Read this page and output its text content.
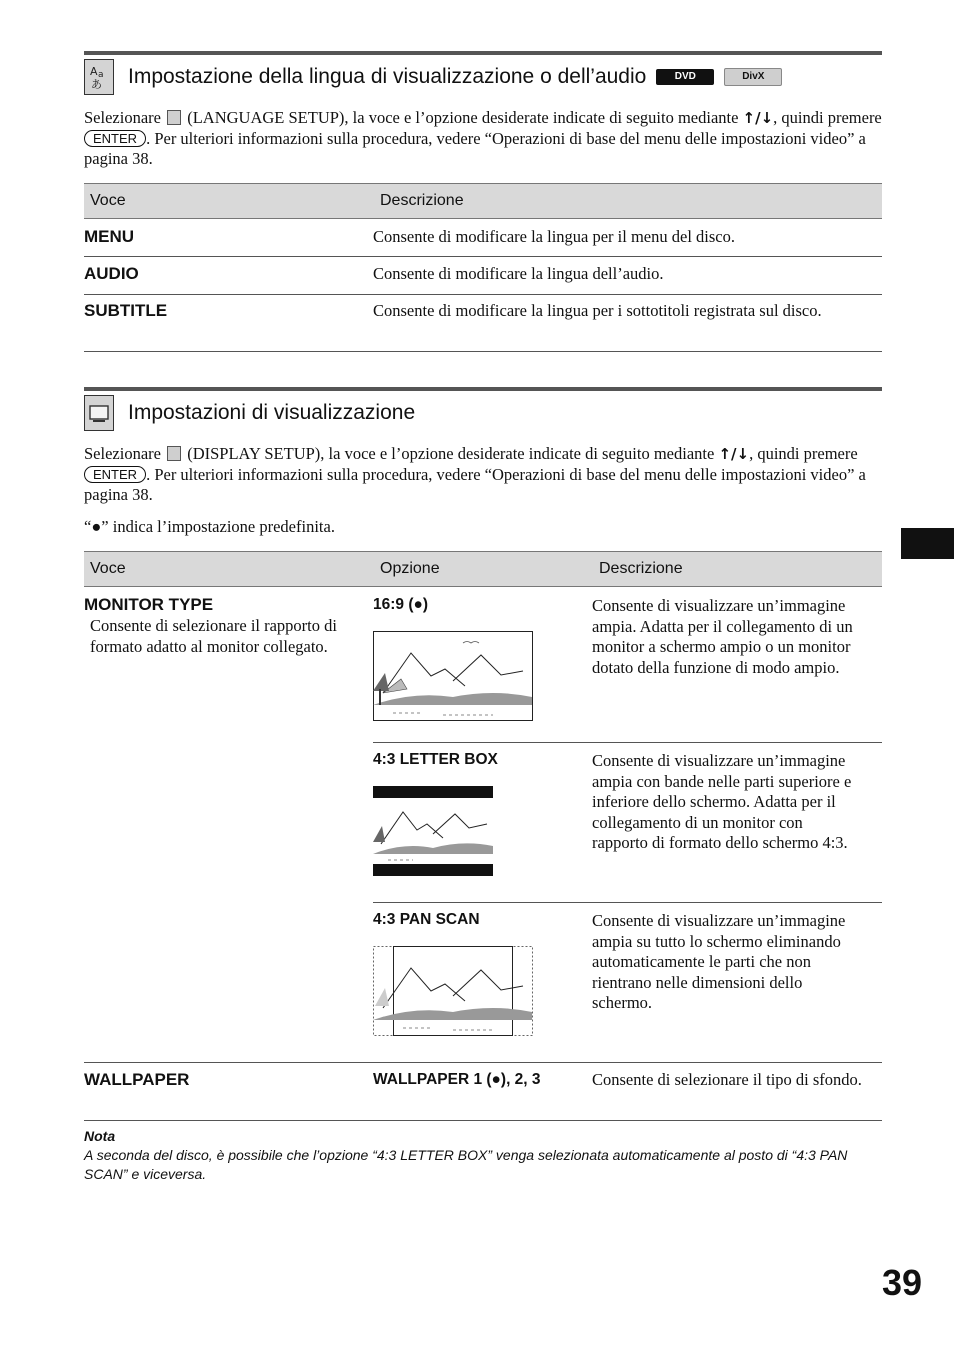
A a
あ Impostazione della lingua di visualizzazione o dell’audio	DVD	DivX
Selezionare  (LANGUAGE SETUP), la voce e l’opzione desiderate indicate di seguito mediante ↑/↓, quindi premere ENTER . Per ulteriori informazioni sulla procedura, vedere “Operazioni di base del menu delle impostazioni video” a pagina 38.
Voce	Descrizione
MENU	Consente di modificare la lingua per il menu del disco.
AUDIO	Consente di modificare la lingua dell’audio.
SUBTITLE	Consente di modificare la lingua per i sottotitoli registrata sul disco.
Impostazioni di visualizzazione
Selezionare  (DISPLAY SETUP), la voce e l’opzione desiderate indicate di seguito mediante ↑/↓, quindi premere ENTER . Per ulteriori informazioni sulla procedura, vedere “Operazioni di base del menu delle impostazioni video” a pagina 38.
“●” indica l’impostazione predefinita.
Voce	Opzione	Descrizione
MONITOR TYPE
Consente di selezionare il rapporto di formato adatto al monitor collegato.
16:9 (●)	Consente di visualizzare un’immagine ampia. Adatta per il collegamento di un monitor a schermo ampio o un monitor dotato della funzione di modo ampio.
4:3 LETTER BOX	Consente di visualizzare un’immagine ampia con bande nelle parti superiore e inferiore dello schermo. Adatta per il collegamento di un monitor con rapporto di formato dello schermo 4:3.
4:3 PAN SCAN	Consente di visualizzare un’immagine ampia su tutto lo schermo eliminando automaticamente le parti che non rientrano nelle dimensioni dello schermo.
WALLPAPER	WALLPAPER 1 (●), 2, 3	Consente di selezionare il tipo di sfondo.
Nota
A seconda del disco, è possibile che l’opzione “4:3 LETTER BOX” venga selezionata automaticamente al posto di “4:3 PAN SCAN” e viceversa.
39
